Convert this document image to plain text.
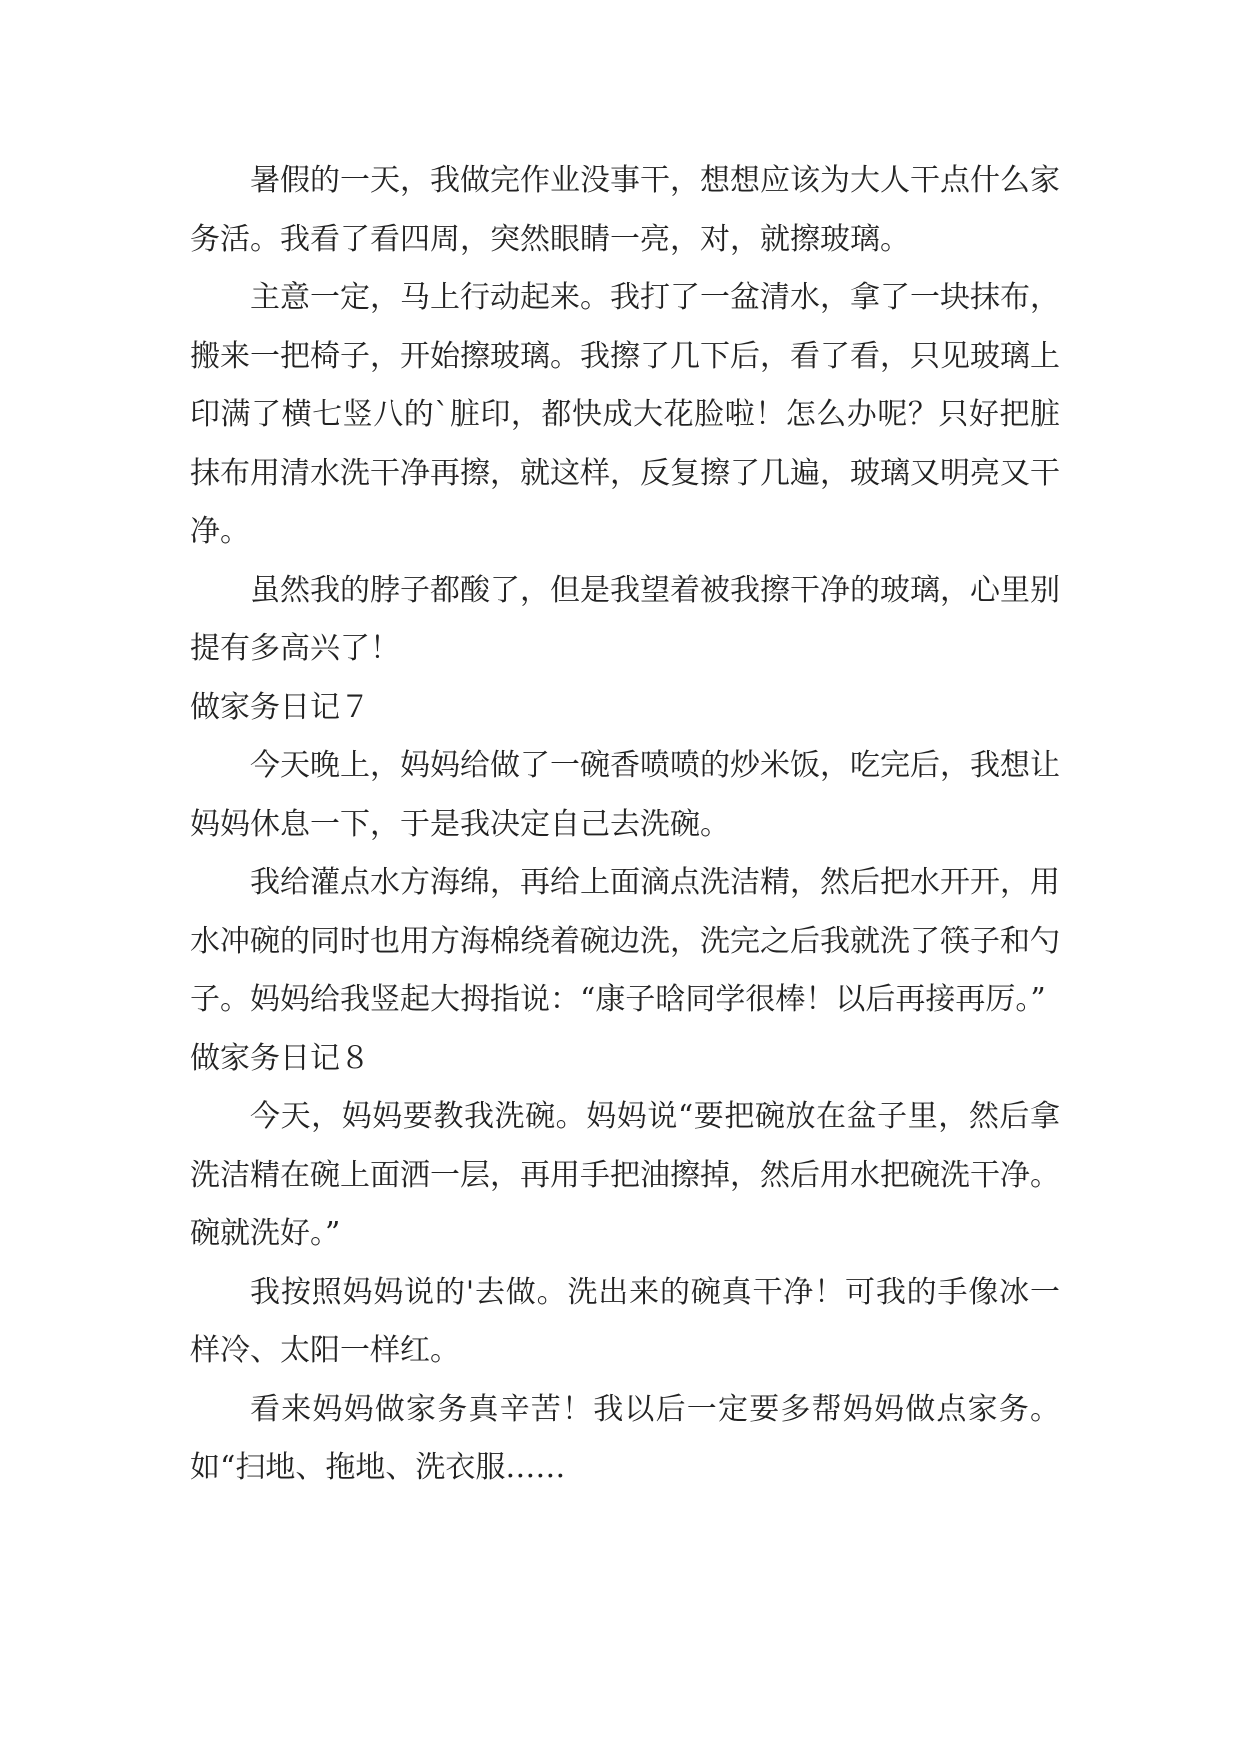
暑假的一天，我做完作业没事干，想想应该为大人干点什么家务活。我看了看四周，突然眼睛一亮，对，就擦玻璃。

主意一定，马上行动起来。我打了一盆清水，拿了一块抹布，搬来一把椅子，开始擦玻璃。我擦了几下后，看了看，只见玻璃上印满了横七竖八的`脏印，都快成大花脸啦！怎么办呢？只好把脏抹布用清水洗干净再擦，就这样，反复擦了几遍，玻璃又明亮又干净。

虽然我的脖子都酸了，但是我望着被我擦干净的玻璃，心里别提有多高兴了！

做家务日记７

今天晚上，妈妈给做了一碗香喷喷的炒米饭，吃完后，我想让妈妈休息一下，于是我决定自己去洗碗。

我给灌点水方海绵，再给上面滴点洗洁精，然后把水开开，用水冲碗的同时也用方海棉绕着碗边洗，洗完之后我就洗了筷子和勺子。妈妈给我竖起大拇指说：“康子晗同学很棒！以后再接再厉。”

做家务日记８

今天，妈妈要教我洗碗。妈妈说“要把碗放在盆子里，然后拿洗洁精在碗上面洒一层，再用手把油擦掉，然后用水把碗洗干净。碗就洗好。”

我按照妈妈说的'去做。洗出来的碗真干净！可我的手像冰一样冷、太阳一样红。

看来妈妈做家务真辛苦！我以后一定要多帮妈妈做点家务。如“扫地、拖地、洗衣服……
